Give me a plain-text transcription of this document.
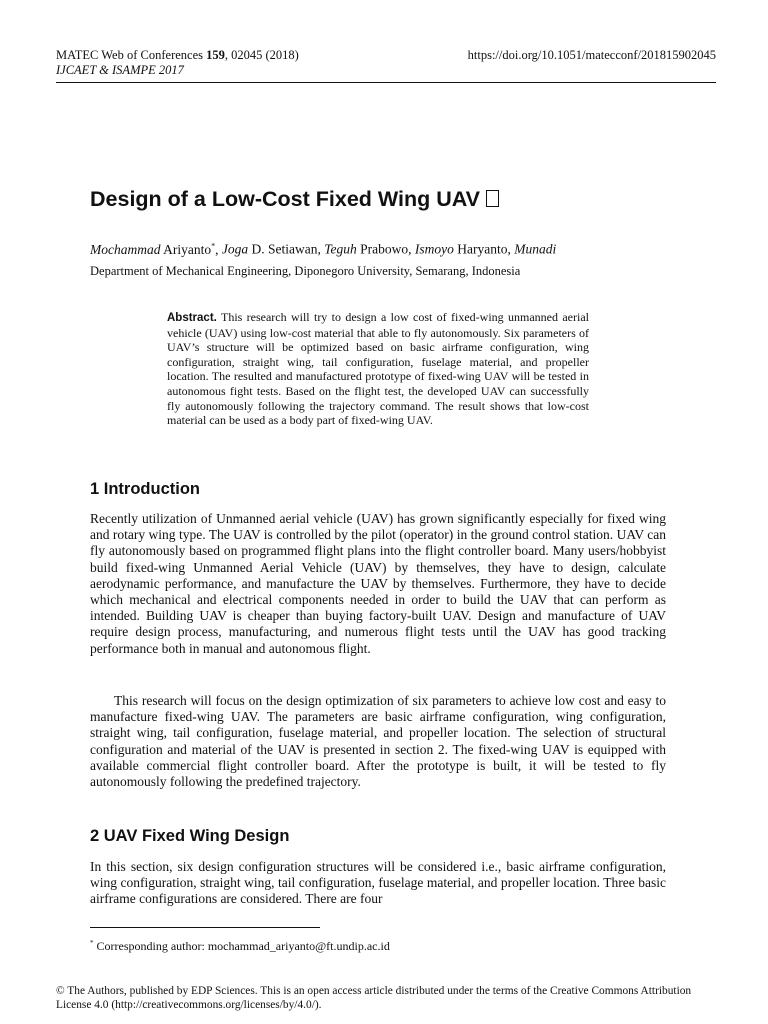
MATEC Web of Conferences 159, 02045 (2018)	https://doi.org/10.1051/matecconf/201815902045
IJCAET & ISAMPE 2017
Design of a Low-Cost Fixed Wing UAV
Mochammad Ariyanto*, Joga D. Setiawan, Teguh Prabowo, Ismoyo Haryanto, Munadi
Department of Mechanical Engineering, Diponegoro University, Semarang, Indonesia

Abstract. This research will try to design a low cost of fixed-wing unmanned aerial vehicle (UAV) using low-cost material that able to fly autonomously. Six parameters of UAV’s structure will be optimized based on basic airframe configuration, wing configuration, straight wing, tail configuration, fuselage material, and propeller location. The resulted and manufactured prototype of fixed-wing UAV will be tested in autonomous fight tests. Based on the flight test, the developed UAV can successfully fly autonomously following the trajectory command. The result shows that low-cost material can be used as a body part of fixed-wing UAV.

1 Introduction

Recently utilization of Unmanned aerial vehicle (UAV) has grown significantly especially for fixed wing and rotary wing type. The UAV is controlled by the pilot (operator) in the ground control station. UAV can fly autonomously based on programmed flight plans into the flight controller board. Many users/hobbyist build fixed-wing Unmanned Aerial Vehicle (UAV) by themselves, they have to design, calculate aerodynamic performance, and manufacture the UAV by themselves. Furthermore, they have to decide which mechanical and electrical components needed in order to build the UAV that can perform as intended. Building UAV is cheaper than buying factory-built UAV. Design and manufacture of UAV require design process, manufacturing, and numerous flight tests until the UAV has good tracking performance both in manual and autonomous flight.

This research will focus on the design optimization of six parameters to achieve low cost and easy to manufacture fixed-wing UAV. The parameters are basic airframe configuration, wing configuration, straight wing, tail configuration, fuselage material, and propeller location. The selection of structural configuration and material of the UAV is presented in section 2. The fixed-wing UAV is equipped with available commercial flight controller board. After the prototype is built, it will be tested to fly autonomously following the predefined trajectory.

2 UAV Fixed Wing Design

In this section, six design configuration structures will be considered i.e., basic airframe configuration, wing configuration, straight wing, tail configuration, fuselage material, and propeller location. Three basic airframe configurations are considered. There are four

* Corresponding author: mochammad_ariyanto@ft.undip.ac.id
© The Authors, published by EDP Sciences. This is an open access article distributed under the terms of the Creative Commons Attribution License 4.0 (http://creativecommons.org/licenses/by/4.0/).
